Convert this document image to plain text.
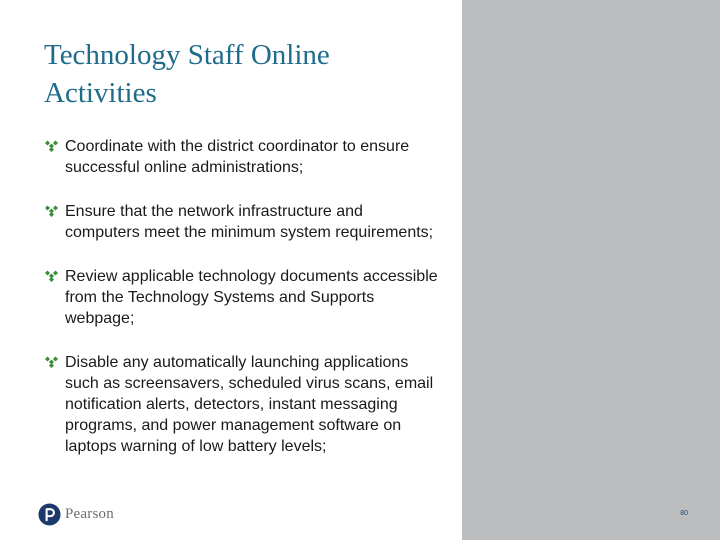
Technology Staff Online Activities
Coordinate with the district coordinator to ensure successful online administrations;
Ensure that the network infrastructure and computers meet the minimum system requirements;
Review applicable technology documents accessible from the Technology Systems and Supports webpage;
Disable any automatically launching applications such as screensavers, scheduled virus scans, email notification alerts, detectors, instant messaging programs, and power management software on laptops warning of low battery levels;
Pearson	80
